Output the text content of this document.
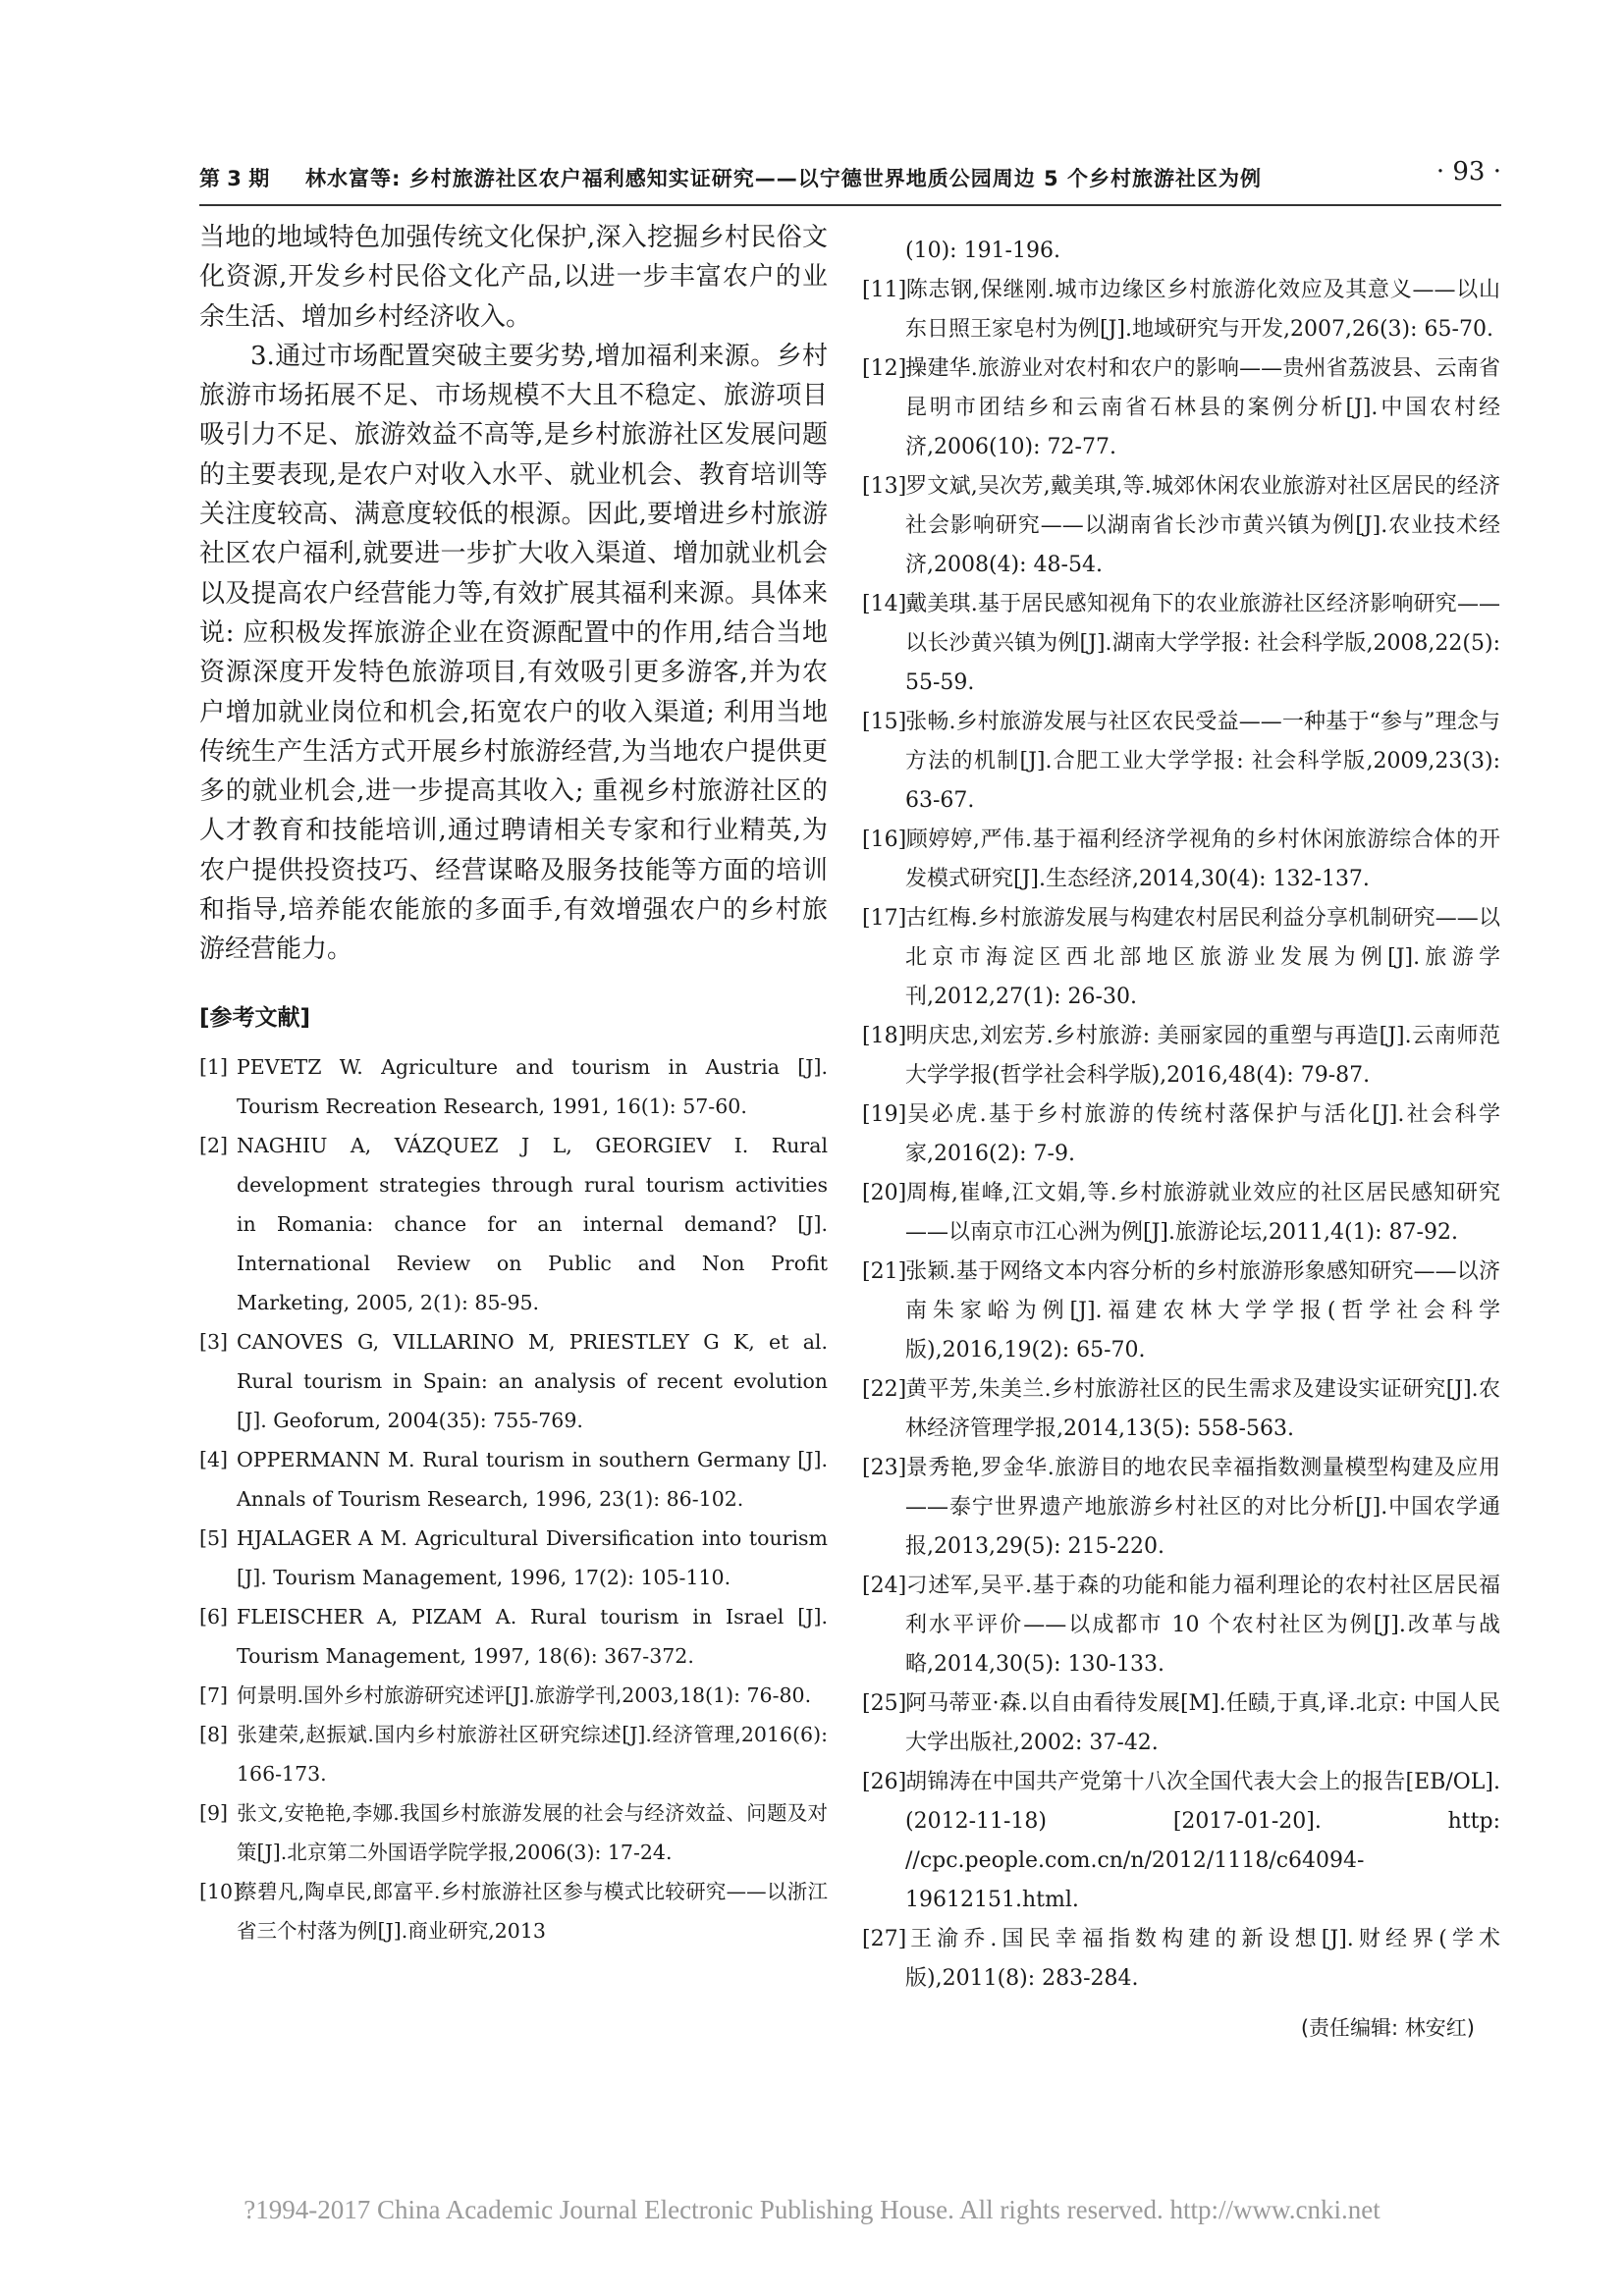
第 3 期 林水富等: 乡村旅游社区农户福利感知实证研究——以宁德世界地质公园周边 5 个乡村旅游社区为例	· 93 ·

当地的地域特色加强传统文化保护,深入挖掘乡村民俗文化资源,开发乡村民俗文化产品,以进一步丰富农户的业余生活、增加乡村经济收入。

3.通过市场配置突破主要劣势,增加福利来源。乡村旅游市场拓展不足、市场规模不大且不稳定、旅游项目吸引力不足、旅游效益不高等,是乡村旅游社区发展问题的主要表现,是农户对收入水平、就业机会、教育培训等关注度较高、满意度较低的根源。因此,要增进乡村旅游社区农户福利,就要进一步扩大收入渠道、增加就业机会以及提高农户经营能力等,有效扩展其福利来源。具体来说: 应积极发挥旅游企业在资源配置中的作用,结合当地资源深度开发特色旅游项目,有效吸引更多游客,并为农户增加就业岗位和机会,拓宽农户的收入渠道; 利用当地传统生产生活方式开展乡村旅游经营,为当地农户提供更多的就业机会,进一步提高其收入; 重视乡村旅游社区的人才教育和技能培训,通过聘请相关专家和行业精英,为农户提供投资技巧、经营谋略及服务技能等方面的培训和指导,培养能农能旅的多面手,有效增强农户的乡村旅游经营能力。

[参考文献]

[1] PEVETZ W. Agriculture and tourism in Austria [J]. Tourism Recreation Research, 1991, 16(1): 57-60.

[2] NAGHIU A, VÁZQUEZ J L, GEORGIEV I. Rural development strategies through rural tourism activities in Romania: chance for an internal demand? [J]. International Review on Public and Non Profit Marketing, 2005, 2(1): 85-95.

[3] CANOVES G, VILLARINO M, PRIESTLEY G K, et al. Rural tourism in Spain: an analysis of recent evolution [J]. Geoforum, 2004(35): 755-769.

[4] OPPERMANN M. Rural tourism in southern Germany [J]. Annals of Tourism Research, 1996, 23(1): 86-102.

[5] HJALAGER A M. Agricultural Diversification into tourism [J]. Tourism Management, 1996, 17(2): 105-110.

[6] FLEISCHER A, PIZAM A. Rural tourism in Israel [J]. Tourism Management, 1997, 18(6): 367-372.

[7] 何景明.国外乡村旅游研究述评[J].旅游学刊,2003,18(1): 76-80.

[8] 张建荣,赵振斌.国内乡村旅游社区研究综述[J].经济管理,2016(6): 166-173.

[9] 张文,安艳艳,李娜.我国乡村旅游发展的社会与经济效益、问题及对策[J].北京第二外国语学院学报,2006(3): 17-24.

[10]蔡碧凡,陶卓民,郎富平.乡村旅游社区参与模式比较研究——以浙江省三个村落为例[J].商业研究,2013

(10): 191-196.

[11]陈志钢,保继刚.城市边缘区乡村旅游化效应及其意义——以山东日照王家皂村为例[J].地域研究与开发,2007,26(3): 65-70.

[12]操建华.旅游业对农村和农户的影响——贵州省荔波县、云南省昆明市团结乡和云南省石林县的案例分析[J].中国农村经济,2006(10): 72-77.

[13]罗文斌,吴次芳,戴美琪,等.城郊休闲农业旅游对社区居民的经济社会影响研究——以湖南省长沙市黄兴镇为例[J].农业技术经济,2008(4): 48-54.

[14]戴美琪.基于居民感知视角下的农业旅游社区经济影响研究——以长沙黄兴镇为例[J].湖南大学学报: 社会科学版,2008,22(5): 55-59.

[15]张畅.乡村旅游发展与社区农民受益——一种基于“参与”理念与方法的机制[J].合肥工业大学学报: 社会科学版,2009,23(3): 63-67.

[16]顾婷婷,严伟.基于福利经济学视角的乡村休闲旅游综合体的开发模式研究[J].生态经济,2014,30(4): 132-137.

[17]古红梅.乡村旅游发展与构建农村居民利益分享机制研究——以北京市海淀区西北部地区旅游业发展为例[J].旅游学刊,2012,27(1): 26-30.

[18]明庆忠,刘宏芳.乡村旅游: 美丽家园的重塑与再造[J].云南师范大学学报(哲学社会科学版),2016,48(4): 79-87.

[19]吴必虎.基于乡村旅游的传统村落保护与活化[J].社会科学家,2016(2): 7-9.

[20]周梅,崔峰,江文娟,等.乡村旅游就业效应的社区居民感知研究——以南京市江心洲为例[J].旅游论坛,2011,4(1): 87-92.

[21]张颖.基于网络文本内容分析的乡村旅游形象感知研究——以济南朱家峪为例[J].福建农林大学学报(哲学社会科学版),2016,19(2): 65-70.

[22]黄平芳,朱美兰.乡村旅游社区的民生需求及建设实证研究[J].农林经济管理学报,2014,13(5): 558-563.

[23]景秀艳,罗金华.旅游目的地农民幸福指数测量模型构建及应用——泰宁世界遗产地旅游乡村社区的对比分析[J].中国农学通报,2013,29(5): 215-220.

[24]刁述军,吴平.基于森的功能和能力福利理论的农村社区居民福利水平评价——以成都市 10 个农村社区为例[J].改革与战略,2014,30(5): 130-133.

[25]阿马蒂亚·森.以自由看待发展[M].任赜,于真,译.北京: 中国人民大学出版社,2002: 37-42.

[26]胡锦涛在中国共产党第十八次全国代表大会上的报告[EB/OL].(2012-11-18) [2017-01-20]. http: //cpc.people.com.cn/n/2012/1118/c64094-19612151.html.

[27]王渝乔.国民幸福指数构建的新设想[J].财经界(学术版),2011(8): 283-284.

(责任编辑: 林安红)
?1994-2017 China Academic Journal Electronic Publishing House. All rights reserved. http://www.cnki.net
